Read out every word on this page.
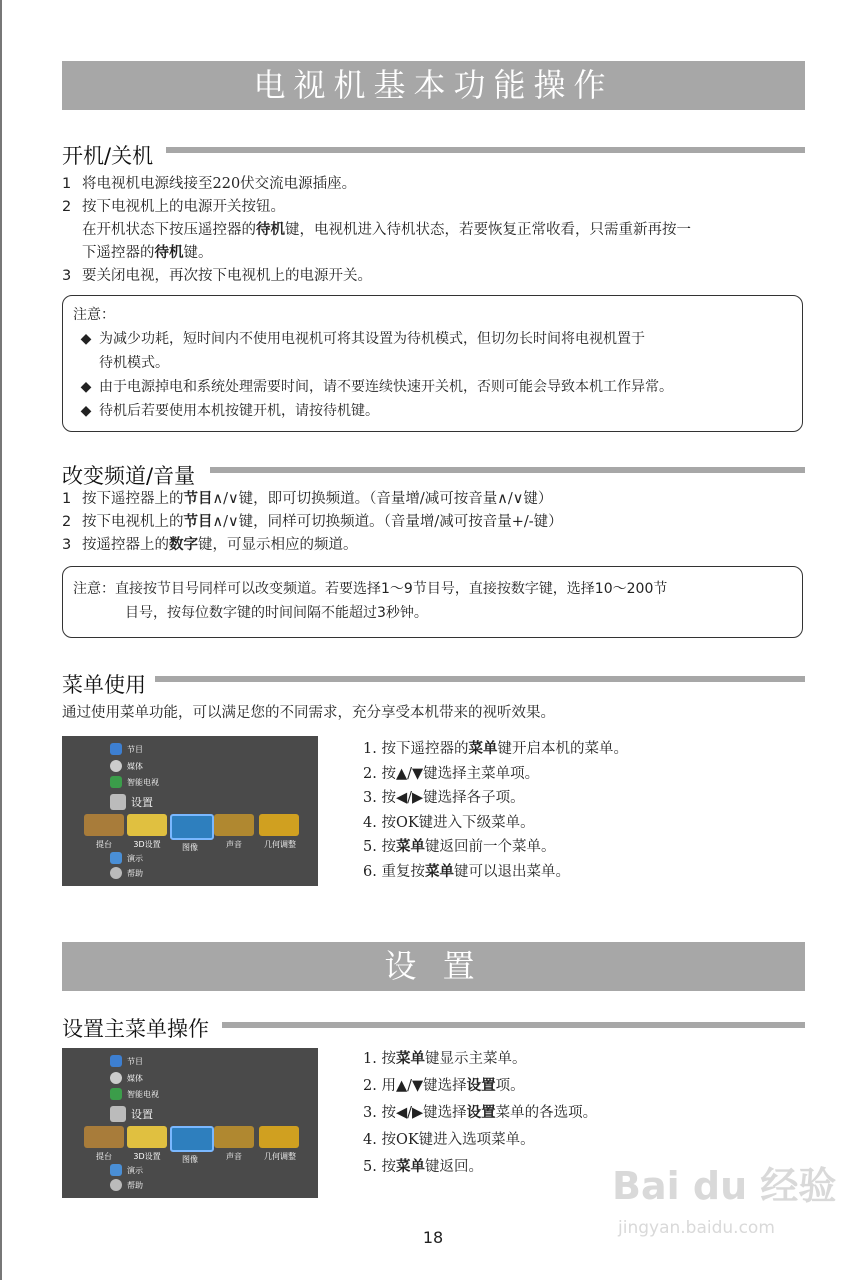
电视机基本功能操作
开机/关机
1 将电视机电源线接至220伏交流电源插座。
2 按下电视机上的电源开关按钮。
在开机状态下按压遥控器的待机键，电视机进入待机状态，若要恢复正常收看，只需重新再按一
下遥控器的待机键。
3 要关闭电视，再次按下电视机上的电源开关。
注意：
◆ 为减少功耗，短时间内不使用电视机可将其设置为待机模式，但切勿长时间将电视机置于
待机模式。
◆ 由于电源掉电和系统处理需要时间，请不要连续快速开关机，否则可能会导致本机工作异常。
◆ 待机后若要使用本机按键开机，请按待机键。
改变频道/音量
1 按下遥控器上的节目∧/∨键，即可切换频道。（音量增/减可按音量∧/∨键）
2 按下电视机上的节目∧/∨键，同样可切换频道。（音量增/减可按音量+/-键）
3 按遥控器上的数字键，可显示相应的频道。
注意：直接按节目号同样可以改变频道。若要选择1～9节目号，直接按数字键，选择10～200节
目号，按每位数字键的时间间隔不能超过3秒钟。
菜单使用
通过使用菜单功能，可以满足您的不同需求，充分享受本机带来的视听效果。
节目
媒体
智能电视
设置
提台	3D设置	图像	声音	几何调整
演示
帮助
1. 按下遥控器的菜单键开启本机的菜单。
2. 按▲/▼键选择主菜单项。
3. 按◀/▶键选择各子项。
4. 按OK键进入下级菜单。
5. 按菜单键返回前一个菜单。
6. 重复按菜单键可以退出菜单。
设 置
设置主菜单操作
节目
媒体
智能电视
设置
提台	3D设置	图像	声音	几何调整
演示
帮助
1. 按菜单键显示主菜单。
2. 用▲/▼键选择设置项。
3. 按◀/▶键选择设置菜单的各选项。
4. 按OK键进入选项菜单。
5. 按菜单键返回。	Bai du 经验
jingyan.baidu.com
18
